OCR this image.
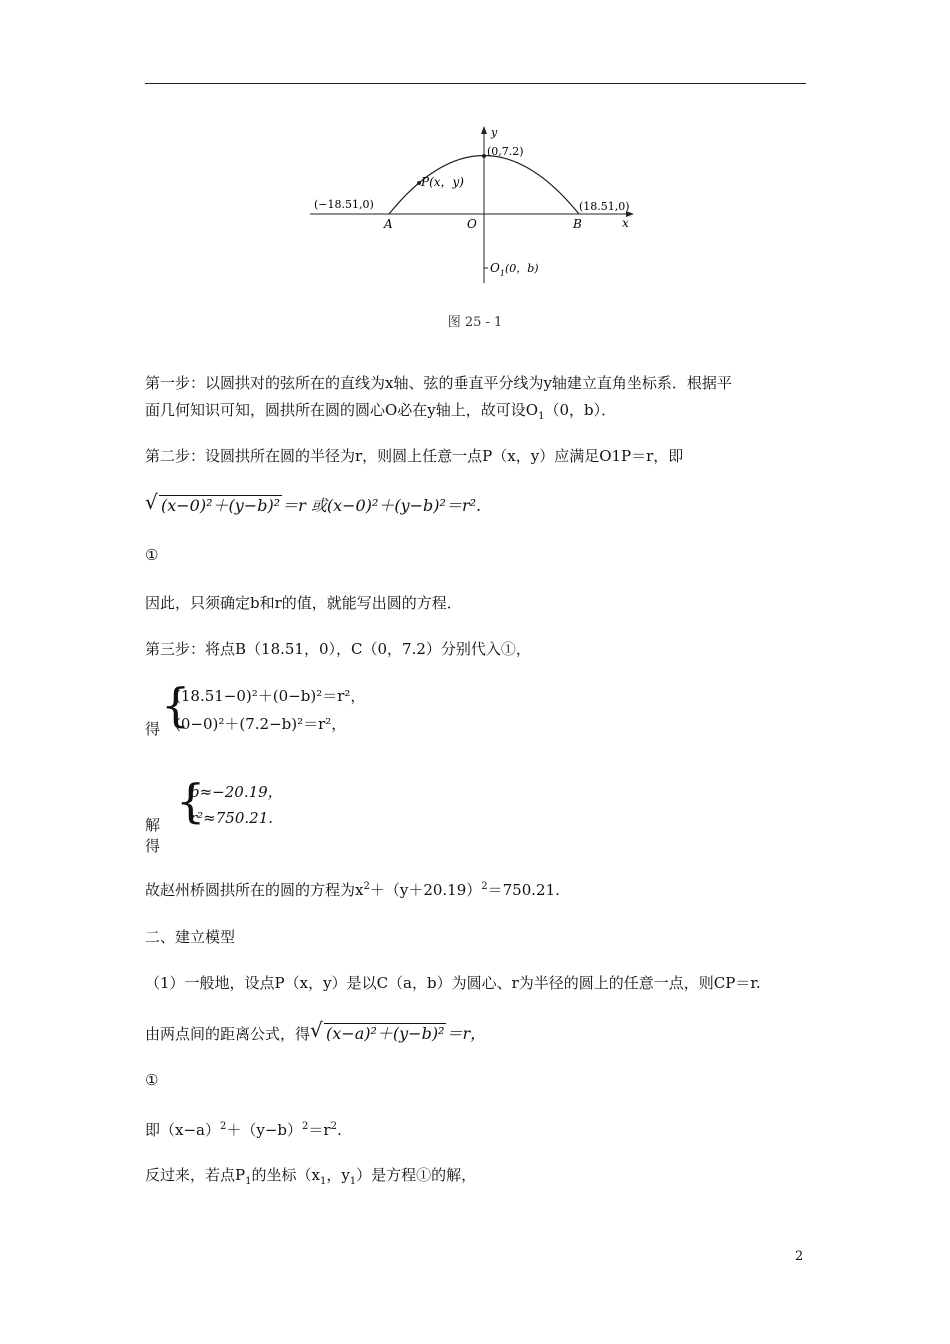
y
x
(0,7.2)
P(x，y)
(−18.51,0)	(18.51,0)
A	O	B
$O_1(0$，b)
图 25 - 1
第一步：以圆拱对的弦所在的直线为x轴、弦的垂直平分线为y轴建立直角坐标系．根据平
面几何知识可知，圆拱所在圆的圆心O必在y轴上，故可设$O_1(0$，b）．
第二步：设圆拱所在圆的半径为r，则圆上任意一点P（x，y）应满足O1P＝r，即
√ (x−0)²＋(y−b)² ＝r 或(x−0)²＋(y−b)²＝r².
①
因此，只须确定b和r的值，就能写出圆的方程．
第三步：将点B（18.51，0），C（0，7.2）分别代入①，
得 {
(18.51−0)²＋(0−b)²＝r²，
(0−0)²＋(7.2−b)²＝r²，
解得
{
b≈−20.19，
r²≈750.21.
故赵州桥圆拱所在的圆的方程为$x^2+(y+20.19)^2=750.21$.
二、建立模型
（1）一般地，设点P（x，y）是以C（a，b）为圆心、r为半径的圆上的任意一点，则CP＝r.
由两点间的距离公式，得 √ (x−a)²＋(y−b)² ＝r，
①
即$(x-a)^2+(y-b)^2=r^2$.
反过来，若点$P_1$的坐标（$x_1$，$y_1$）是方程①的解，
2
